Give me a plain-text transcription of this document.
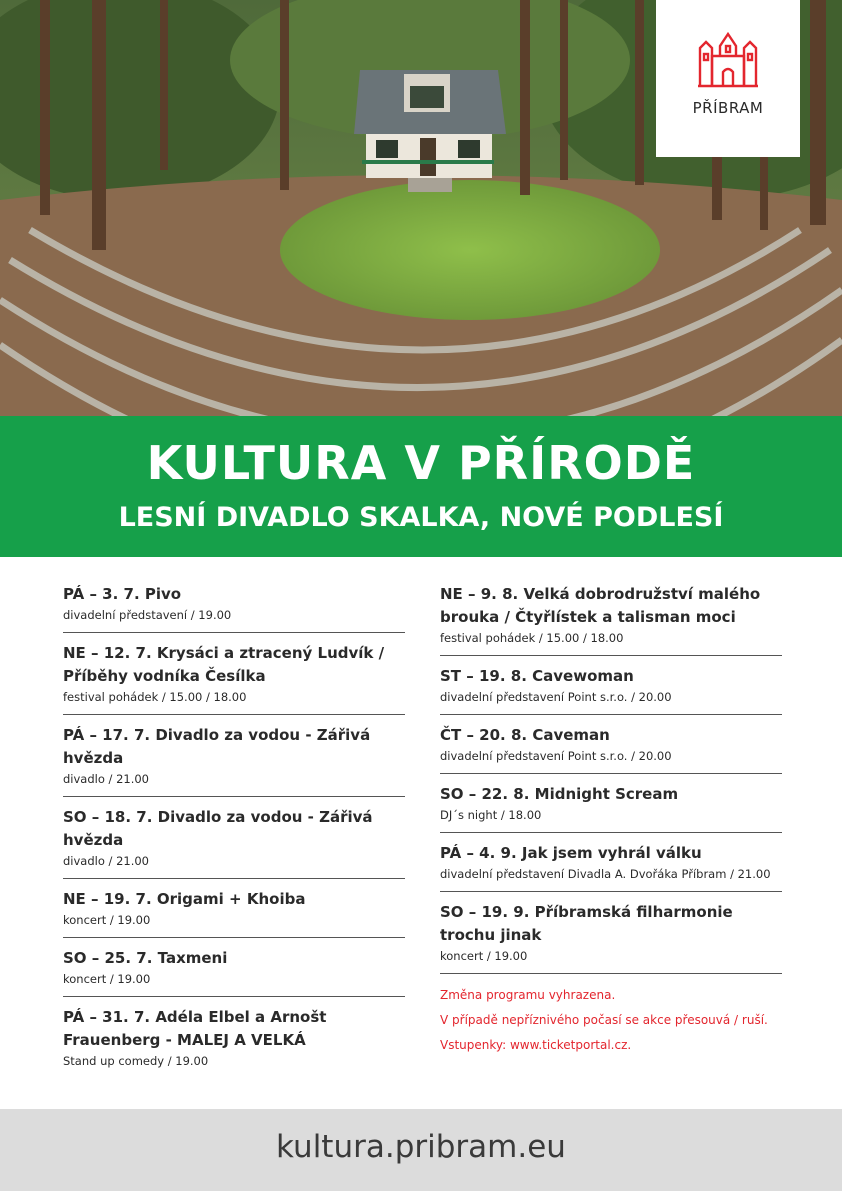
PŘÍBRAM
KULTURA V PŘÍRODĚ
LESNÍ DIVADLO SKALKA, NOVÉ PODLESÍ
PÁ – 3. 7. Pivo
divadelní představení / 19.00
NE – 12. 7. Krysáci a ztracený Ludvík / Příběhy vodníka Česílka
festival pohádek / 15.00 / 18.00
PÁ – 17. 7. Divadlo za vodou - Zářivá hvězda
divadlo / 21.00
SO – 18. 7. Divadlo za vodou - Zářivá hvězda
divadlo / 21.00
NE – 19. 7. Origami + Khoiba
koncert / 19.00
SO – 25. 7. Taxmeni
koncert / 19.00
PÁ – 31. 7. Adéla Elbel a Arnošt Frauenberg - MALEJ A VELKÁ
Stand up comedy / 19.00
NE – 9. 8. Velká dobrodružství malého brouka / Čtyřlístek a talisman moci
festival pohádek / 15.00 / 18.00
ST – 19. 8. Cavewoman
divadelní představení Point s.r.o. / 20.00
ČT – 20. 8. Caveman
divadelní představení Point s.r.o. / 20.00
SO – 22. 8. Midnight Scream
DJ´s night / 18.00
PÁ – 4. 9. Jak jsem vyhrál válku
divadelní představení Divadla A. Dvořáka Příbram / 21.00
SO – 19. 9. Příbramská filharmonie trochu jinak
koncert / 19.00
Změna programu vyhrazena.
V případě nepříznivého počasí se akce přesouvá / ruší.
Vstupenky: www.ticketportal.cz.
kultura.pribram.eu
